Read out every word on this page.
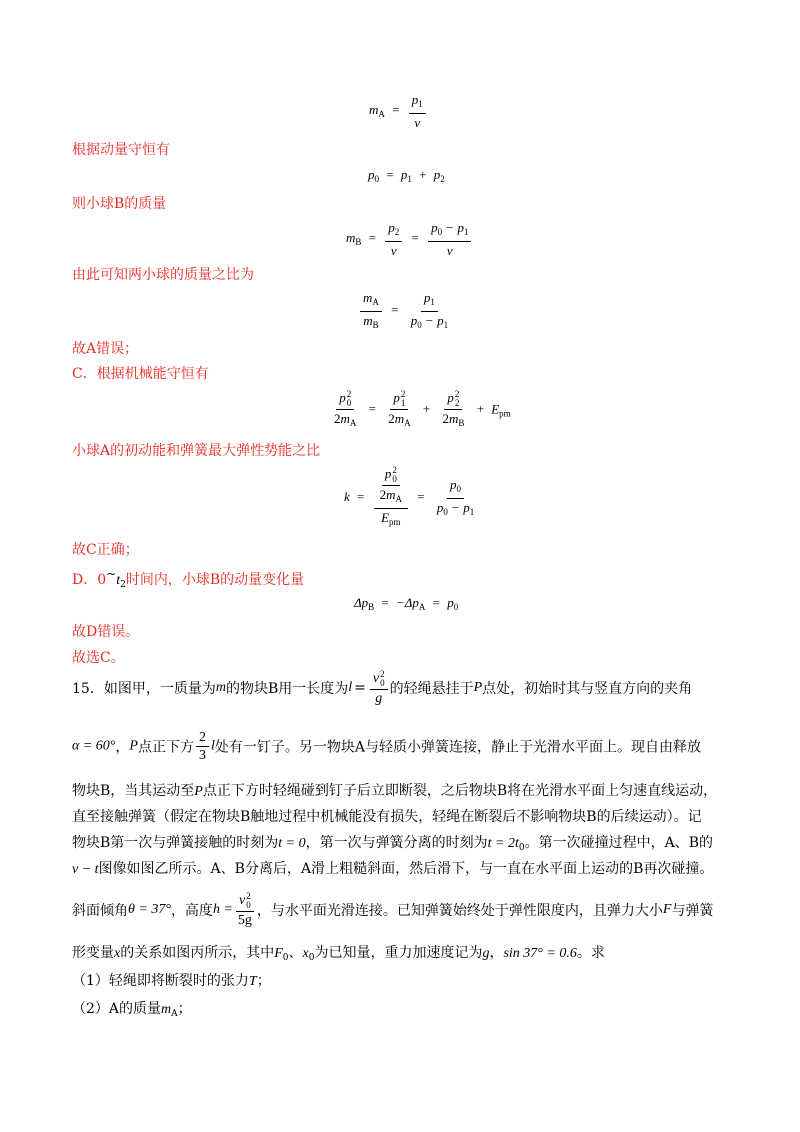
$m_A = \frac{p_1}{v}$
根据动量守恒有
$p_0 = p_1 + p_2$
则小球B的质量
$m_B = \frac{p_2}{v} = \frac{p_0 - p_1}{v}$
由此可知两小球的质量之比为
$\frac{m_A}{m_B} = \frac{p_1}{p_0 - p_1}$
故A错误；
C．根据机械能守恒有
p 2
0
$2m_A = p$ 2
1
$2m_A + p$ 2
2
$2m_B + E_{pm}$
小球A的初动能和弹簧最大弹性势能之比
k = p 2
0
$2m_A$
$E_{pm} = \frac{p_0}{p_0 - p_1}$
故C正确；
D．$0\sim t_2$时间内，小球B的动量变化量
$\Delta p_B = -\Delta p_A = p_0$
故D错误。
故选C。
15．如图甲，一质量为m的物块B用一长度为l = v 2
0
g 的轻绳悬挂于P点处，初始时其与竖直方向的夹角
α = 60°，P点正下方 $\frac{2}{3}$ l处有一钉子。另一物块A与轻质小弹簧连接，静止于光滑水平面上。现自由释放
物块B，当其运动至P点正下方时轻绳碰到钉子后立即断裂，之后物块B将在光滑水平面上匀速直线运动，
直至接触弹簧（假定在物块B触地过程中机械能没有损失，轻绳在断裂后不影响物块B的后续运动）。记
物块B第一次与弹簧接触的时刻为t = 0，第一次与弹簧分离的时刻为$t = 2t_0$。第一次碰撞过程中，A、B的
v − t图像如图乙所示。A、B分离后，A滑上粗糙斜面，然后滑下，与一直在水平面上运动的B再次碰撞。
斜面倾角θ = 37°，高度h = v 2
0
5g ，与水平面光滑连接。已知弹簧始终处于弹性限度内，且弹力大小F与弹簧
形变量x的关系如图丙所示，其中$F_0$、$x_0$为已知量，重力加速度记为g，sin 37° = 0.6。求
（1）轻绳即将断裂时的张力T；
（2）A的质量$m_A$；
